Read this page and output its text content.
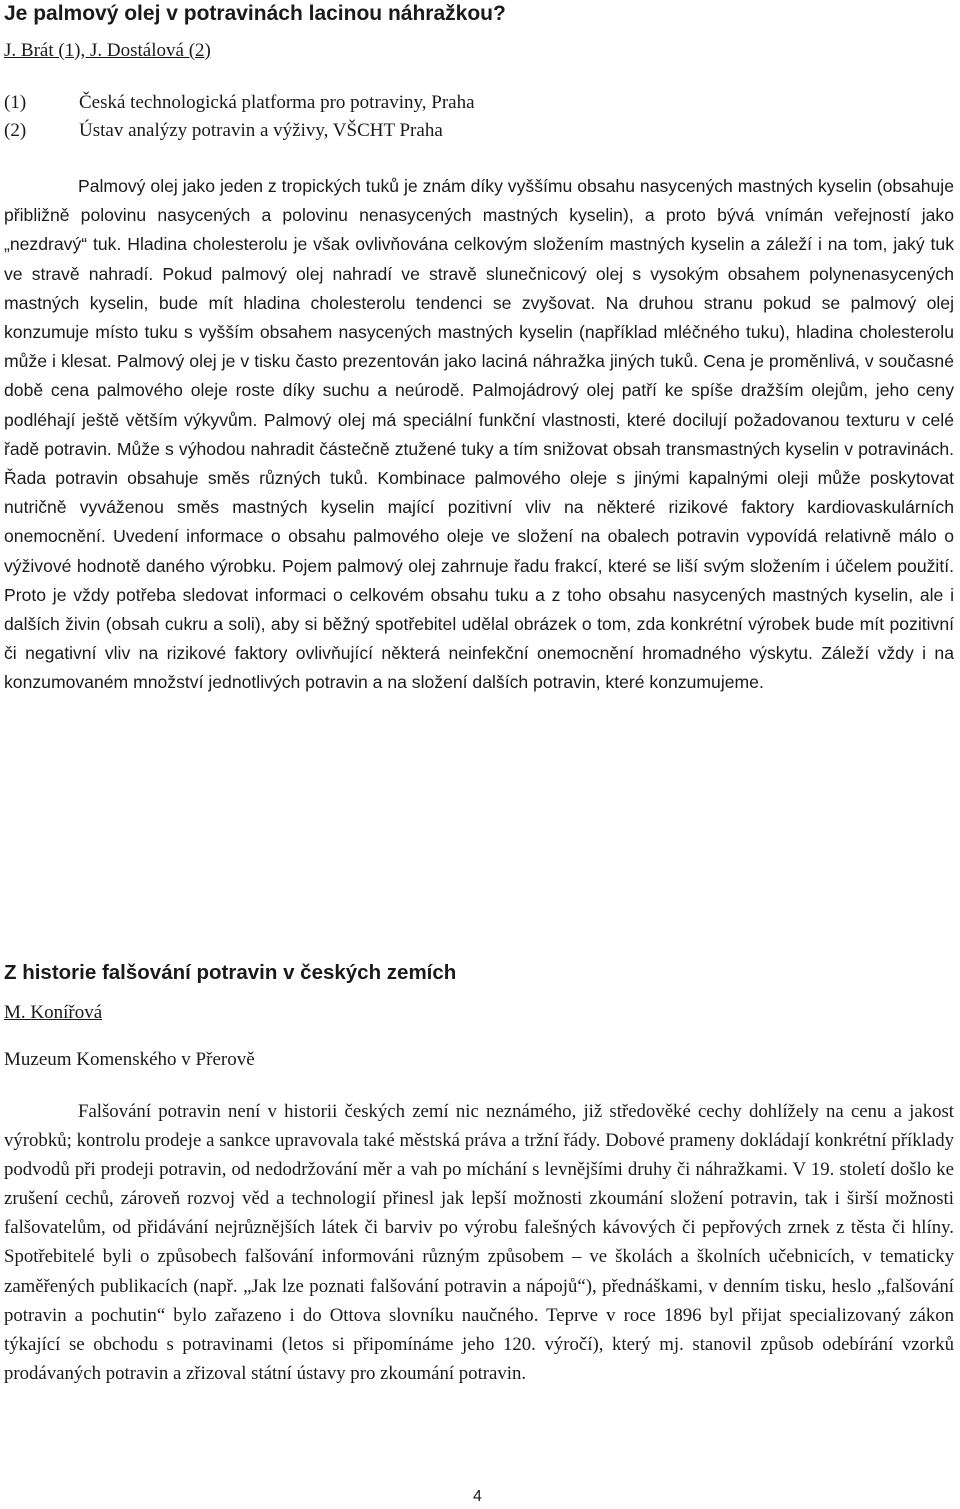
Je palmový olej v potravinách lacinou náhražkou?
J. Brát (1), J. Dostálová (2)
(1)	Česká technologická platforma pro potraviny, Praha
(2)	Ústav analýzy potravin a výživy, VŠCHT Praha
Palmový olej jako jeden z tropických tuků je znám díky vyššímu obsahu nasycených mastných kyselin (obsahuje přibližně polovinu nasycených a polovinu nenasycených mastných kyselin), a proto bývá vnímán veřejností jako „nezdravý“ tuk. Hladina cholesterolu je však ovlivňována celkovým složením mastných kyselin a záleží i na tom, jaký tuk ve stravě nahradí. Pokud palmový olej nahradí ve stravě slunečnicový olej s vysokým obsahem polynenasycených mastných kyselin, bude mít hladina cholesterolu tendenci se zvyšovat. Na druhou stranu pokud se palmový olej konzumuje místo tuku s vyšším obsahem nasycených mastných kyselin (například mléčného tuku), hladina cholesterolu může i klesat. Palmový olej je v tisku často prezentován jako laciná náhražka jiných tuků. Cena je proměnlivá, v současné době cena palmového oleje roste díky suchu a neúrodě. Palmojádrový olej patří ke spíše dražším olejům, jeho ceny podléhají ještě větším výkyvům. Palmový olej má speciální funkční vlastnosti, které docilují požadovanou texturu v celé řadě potravin. Může s výhodou nahradit částečně ztužené tuky a tím snižovat obsah transmastných kyselin v potravinách. Řada potravin obsahuje směs různých tuků. Kombinace palmového oleje s jinými kapalnými oleji může poskytovat nutričně vyváženou směs mastných kyselin mající pozitivní vliv na některé rizikové faktory kardiovaskulárních onemocnění. Uvedení informace o obsahu palmového oleje ve složení na obalech potravin vypovídá relativně málo o výživové hodnotě daného výrobku. Pojem palmový olej zahrnuje řadu frakcí, které se liší svým složením i účelem použití. Proto je vždy potřeba sledovat informaci o celkovém obsahu tuku a z toho obsahu nasycených mastných kyselin, ale i dalších živin (obsah cukru a soli), aby si běžný spotřebitel udělal obrázek o tom, zda konkrétní výrobek bude mít pozitivní či negativní vliv na rizikové faktory ovlivňující některá neinfekční onemocnění hromadného výskytu. Záleží vždy i na konzumovaném množství jednotlivých potravin a na složení dalších potravin, které konzumujeme.
Z historie falšování potravin v českých zemích
M. Konířová
Muzeum Komenského v Přerově
Falšování potravin není v historii českých zemí nic neznámého, již středověké cechy dohlížely na cenu a jakost výrobků; kontrolu prodeje a sankce upravovala také městská práva a tržní řády. Dobové prameny dokládají konkrétní příklady podvodů při prodeji potravin, od nedodržování měr a vah po míchání s levnějšími druhy či náhražkami. V 19. století došlo ke zrušení cechů, zároveň rozvoj věd a technologií přinesl jak lepší možnosti zkoumání složení potravin, tak i širší možnosti falšovatelům, od přidávání nejrůznějších látek či barviv po výrobu falešných kávových či pepřových zrnek z těsta či hlíny. Spotřebitelé byli o způsobech falšování informováni různým způsobem – ve školách a školních učebnicích, v tematicky zaměřených publikacích (např. „Jak lze poznati falšování potravin a nápojů“), přednáškami, v denním tisku, heslo „falšování potravin a pochutin“ bylo zařazeno i do Ottova slovníku naučného. Teprve v roce 1896 byl přijat specializovaný zákon týkající se obchodu s potravinami (letos si připomínáme jeho 120. výročí), který mj. stanovil způsob odebírání vzorků prodávaných potravin a zřizoval státní ústavy pro zkoumání potravin.
4
